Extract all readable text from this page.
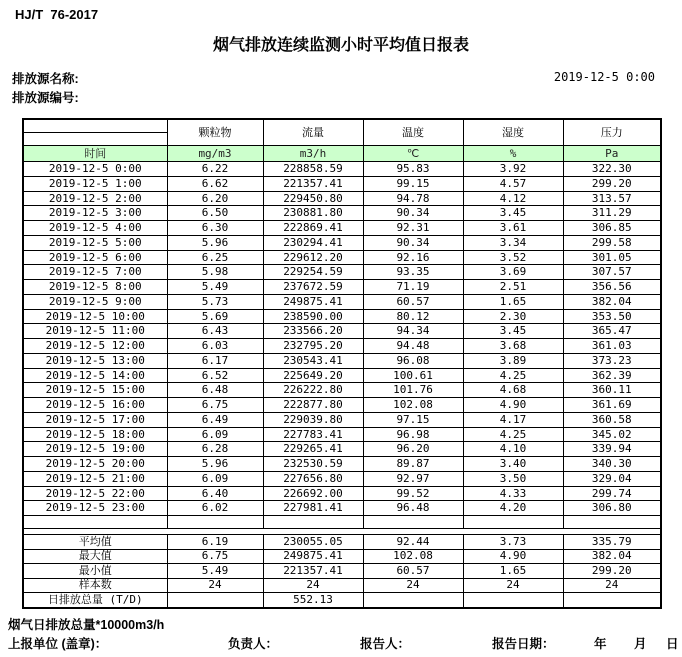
HJ/T  76-2017
烟气排放连续监测小时平均值日报表
排放源名称:
排放源编号:
2019-12-5 0:00
	颗粒物	流量	温度	湿度	压力

时间	mg/m3	m3/h	℃	%	Pa
2019-12-5 0:00	6.22	228858.59	95.83	3.92	322.30
2019-12-5 1:00	6.62	221357.41	99.15	4.57	299.20
2019-12-5 2:00	6.20	229450.80	94.78	4.12	313.57
2019-12-5 3:00	6.50	230881.80	90.34	3.45	311.29
2019-12-5 4:00	6.30	222869.41	92.31	3.61	306.85
2019-12-5 5:00	5.96	230294.41	90.34	3.34	299.58
2019-12-5 6:00	6.25	229612.20	92.16	3.52	301.05
2019-12-5 7:00	5.98	229254.59	93.35	3.69	307.57
2019-12-5 8:00	5.49	237672.59	71.19	2.51	356.56
2019-12-5 9:00	5.73	249875.41	60.57	1.65	382.04
2019-12-5 10:00	5.69	238590.00	80.12	2.30	353.50
2019-12-5 11:00	6.43	233566.20	94.34	3.45	365.47
2019-12-5 12:00	6.03	232795.20	94.48	3.68	361.03
2019-12-5 13:00	6.17	230543.41	96.08	3.89	373.23
2019-12-5 14:00	6.52	225649.20	100.61	4.25	362.39
2019-12-5 15:00	6.48	226222.80	101.76	4.68	360.11
2019-12-5 16:00	6.75	222877.80	102.08	4.90	361.69
2019-12-5 17:00	6.49	229039.80	97.15	4.17	360.58
2019-12-5 18:00	6.09	227783.41	96.98	4.25	345.02
2019-12-5 19:00	6.28	229265.41	96.20	4.10	339.94
2019-12-5 20:00	5.96	232530.59	89.87	3.40	340.30
2019-12-5 21:00	6.09	227656.80	92.97	3.50	329.04
2019-12-5 22:00	6.40	226692.00	99.52	4.33	299.74
2019-12-5 23:00	6.02	227981.41	96.48	4.20	306.80

平均值	6.19	230055.05	92.44	3.73	335.79
最大值	6.75	249875.41	102.08	4.90	382.04
最小值	5.49	221357.41	60.57	1.65	299.20
样本数	24	24	24	24	24
日排放总量 (T/D)		552.13			
烟气日排放总量*10000m3/h
上报单位 (盖章)：	负责人：	报告人：	报告日期：	年 月 日
